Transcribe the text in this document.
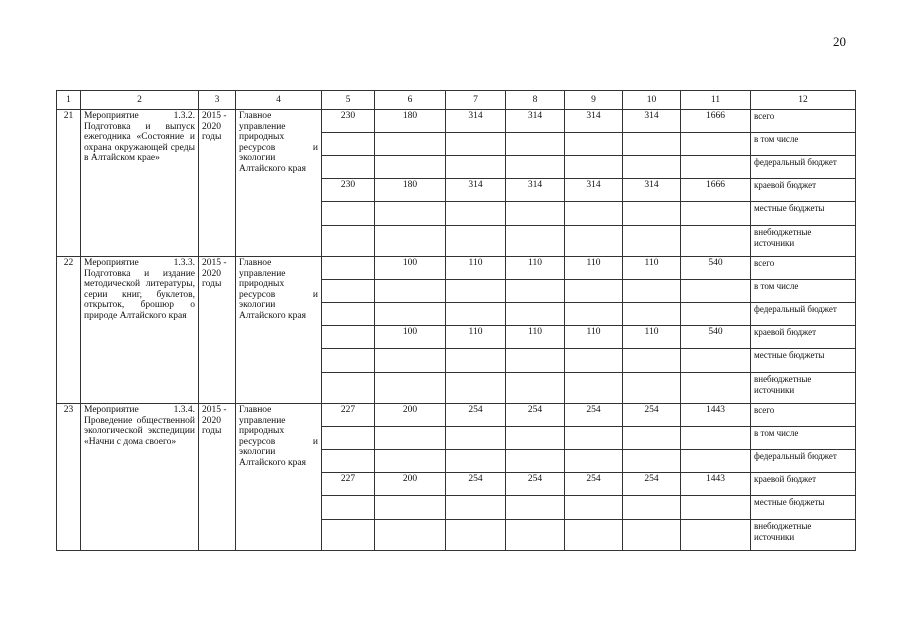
20
1	2	3	4	5	6	7	8	9	10	11	12
21	Мероприятие 1.3.2. Подготовка и выпуск ежегодника «Состояние и охрана окружающей среды в Алтайском крае»	2015 - 2020 годы	Главное управление природных ресурсов и экологии Алтайского края	230	180	314	314	314	314	1666	всего
											в том числе
											федеральный бюджет
				230	180	314	314	314	314	1666	краевой бюджет
											местные бюджеты
											внебюджетные источники
22	Мероприятие 1.3.3. Подготовка и издание методической литературы, серии книг, буклетов, открыток, брошюр о природе Алтайского края	2015 - 2020 годы	Главное управление природных ресурсов и экологии Алтайского края		100	110	110	110	110	540	всего
											в том числе
											федеральный бюджет
					100	110	110	110	110	540	краевой бюджет
											местные бюджеты
											внебюджетные источники
23	Мероприятие 1.3.4. Проведение общественной экологической экспедиции «Начни с дома своего»	2015 - 2020 годы	Главное управление природных ресурсов и экологии Алтайского края	227	200	254	254	254	254	1443	всего
											в том числе
											федеральный бюджет
				227	200	254	254	254	254	1443	краевой бюджет
											местные бюджеты
											внебюджетные источники
